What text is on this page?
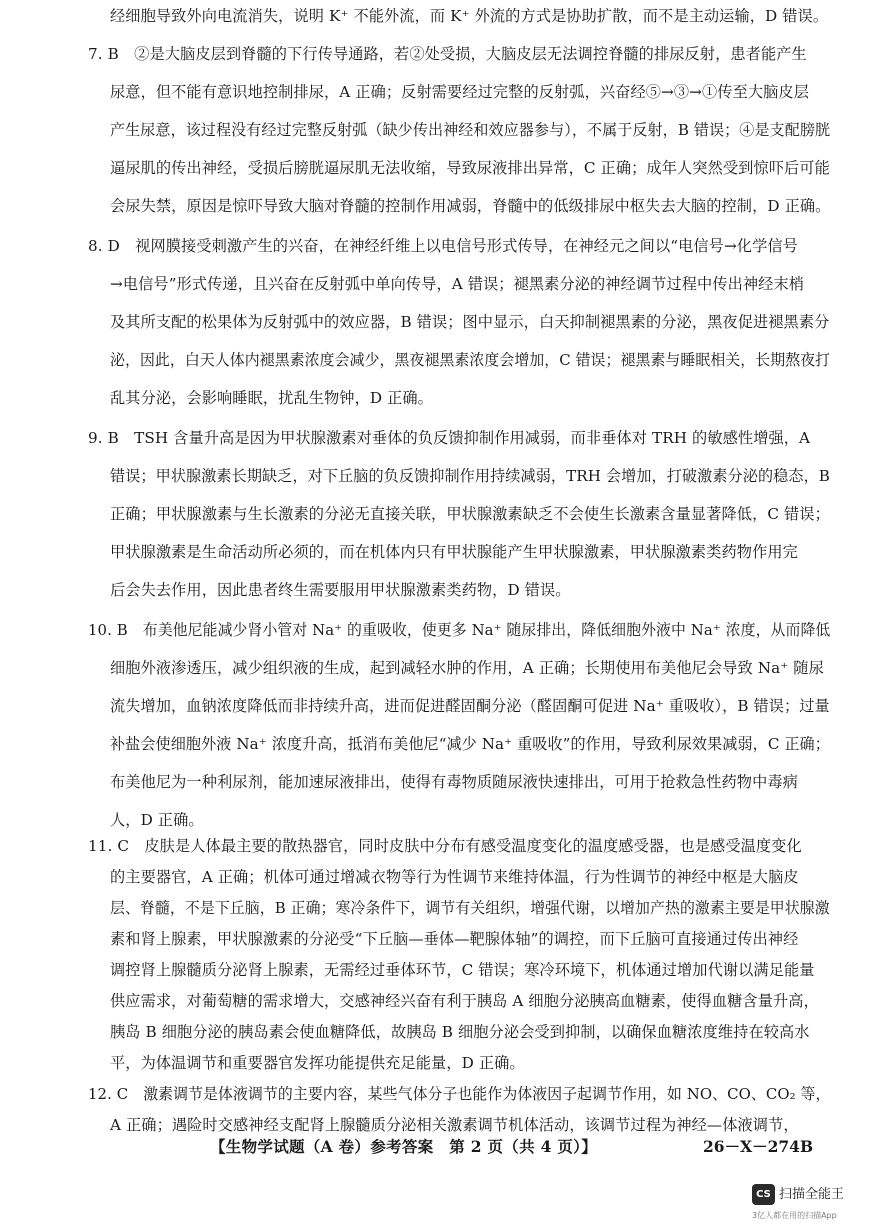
经细胞导致外向电流消失，说明 K⁺ 不能外流，而 K⁺ 外流的方式是协助扩散，而不是主动运输，D 错误。
7. B　②是大脑皮层到脊髓的下行传导通路，若②处受损，大脑皮层无法调控脊髓的排尿反射，患者能产生
尿意，但不能有意识地控制排尿，A 正确；反射需要经过完整的反射弧，兴奋经⑤→③→①传至大脑皮层
产生尿意，该过程没有经过完整反射弧（缺少传出神经和效应器参与），不属于反射，B 错误；④是支配膀胱
逼尿肌的传出神经，受损后膀胱逼尿肌无法收缩，导致尿液排出异常，C 正确；成年人突然受到惊吓后可能
会尿失禁，原因是惊吓导致大脑对脊髓的控制作用减弱，脊髓中的低级排尿中枢失去大脑的控制，D 正确。
8. D　视网膜接受刺激产生的兴奋，在神经纤维上以电信号形式传导，在神经元之间以“电信号→化学信号
→电信号”形式传递，且兴奋在反射弧中单向传导，A 错误；褪黑素分泌的神经调节过程中传出神经末梢
及其所支配的松果体为反射弧中的效应器，B 错误；图中显示，白天抑制褪黑素的分泌，黑夜促进褪黑素分
泌，因此，白天人体内褪黑素浓度会减少，黑夜褪黑素浓度会增加，C 错误；褪黑素与睡眠相关，长期熬夜打
乱其分泌，会影响睡眠，扰乱生物钟，D 正确。
9. B　TSH 含量升高是因为甲状腺激素对垂体的负反馈抑制作用减弱，而非垂体对 TRH 的敏感性增强，A
错误；甲状腺激素长期缺乏，对下丘脑的负反馈抑制作用持续减弱，TRH 会增加，打破激素分泌的稳态，B
正确；甲状腺激素与生长激素的分泌无直接关联，甲状腺激素缺乏不会使生长激素含量显著降低，C 错误；
甲状腺激素是生命活动所必须的，而在机体内只有甲状腺能产生甲状腺激素，甲状腺激素类药物作用完
后会失去作用，因此患者终生需要服用甲状腺激素类药物，D 错误。
10. B　布美他尼能减少肾小管对 Na⁺ 的重吸收，使更多 Na⁺ 随尿排出，降低细胞外液中 Na⁺ 浓度，从而降低
细胞外液渗透压，减少组织液的生成，起到减轻水肿的作用，A 正确；长期使用布美他尼会导致 Na⁺ 随尿
流失增加，血钠浓度降低而非持续升高，进而促进醛固酮分泌（醛固酮可促进 Na⁺ 重吸收），B 错误；过量
补盐会使细胞外液 Na⁺ 浓度升高，抵消布美他尼“减少 Na⁺ 重吸收”的作用，导致利尿效果减弱，C 正确；
布美他尼为一种利尿剂，能加速尿液排出，使得有毒物质随尿液快速排出，可用于抢救急性药物中毒病
人，D 正确。
11. C　皮肤是人体最主要的散热器官，同时皮肤中分布有感受温度变化的温度感受器，也是感受温度变化
的主要器官，A 正确；机体可通过增减衣物等行为性调节来维持体温，行为性调节的神经中枢是大脑皮
层、脊髓，不是下丘脑，B 正确；寒冷条件下，调节有关组织，增强代谢，以增加产热的激素主要是甲状腺激
素和肾上腺素，甲状腺激素的分泌受“下丘脑—垂体—靶腺体轴”的调控，而下丘脑可直接通过传出神经
调控肾上腺髓质分泌肾上腺素，无需经过垂体环节，C 错误；寒冷环境下，机体通过增加代谢以满足能量
供应需求，对葡萄糖的需求增大，交感神经兴奋有利于胰岛 A 细胞分泌胰高血糖素，使得血糖含量升高，
胰岛 B 细胞分泌的胰岛素会使血糖降低，故胰岛 B 细胞分泌会受到抑制，以确保血糖浓度维持在较高水
平，为体温调节和重要器官发挥功能提供充足能量，D 正确。
12. C　激素调节是体液调节的主要内容，某些气体分子也能作为体液因子起调节作用，如 NO、CO、CO₂ 等，
A 正确；遇险时交感神经支配肾上腺髓质分泌相关激素调节机体活动，该调节过程为神经—体液调节，
【生物学试题（A 卷）参考答案　第 2 页（共 4 页）】	26－X－274B
CS 扫描全能王
3亿人都在用的扫描App
